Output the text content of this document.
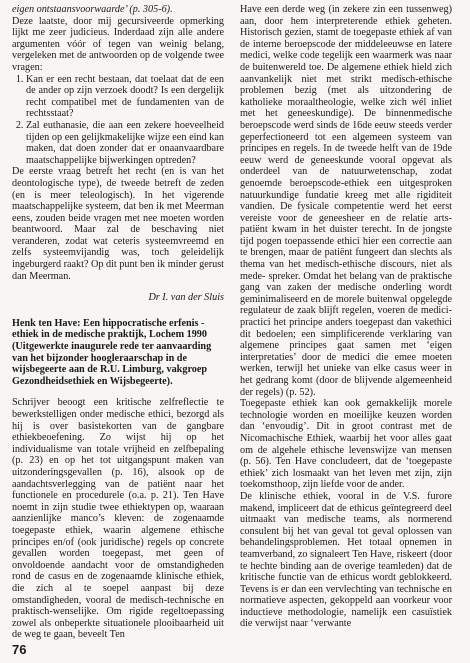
eigen ontstaansvoorwaarde’ (p. 305-6).

Deze laatste, door mij gecursiveerde opmerking lijkt me zeer judicieus. Inderdaad zijn alle andere argumenten vóór of tegen van weinig belang, vergeleken met de antwoorden op de volgende twee vragen:

1. Kan er een recht bestaan, dat toelaat dat de een de ander op zijn verzoek doodt? Is een dergelijk recht compatibel met de fundamenten van de rechtsstaat?
2. Zal euthanasie, die aan een zekere hoeveelheid tijden op een gelijkmakelijke wijze een eind kan maken, dat doen zonder dat er onaanvaardbare maatschappelijke bijwerkingen optreden?

De eerste vraag betreft het recht (en is van het deontologische type), de tweede betreft de zeden (en is meer teleologisch). In het vigerende maatschappelijke systeem, dat ben ik met Meerman eens, zouden beide vragen met nee moeten worden beantwoord. Maar zal de beschaving niet veranderen, zodat wat ceteris systeemvreemd en zelfs systeemvijandig was, toch geleidelijk ingeburgerd raakt? Op dit punt ben ik minder gerust dan Meerman.

Dr I. van der Sluis

Henk ten Have: Een hippocratische erfenis - ethiek in de medische praktijk, Lochem 1990 (Uitgewerkte inaugurele rede ter aanvaarding van het bijzonder hoogleraarschap in de wijsbegeerte aan de R.U. Limburg, vakgroep Gezondheidsethiek en Wijsbegeerte).

Schrijver beoogt een kritische zelfreflectie te bewerkstelligen onder medische ethici, bezorgd als hij is over basistekorten van de gangbare ethiekbeoefening. Zo wijst hij op het individualisme van totale vrijheid en zelfbepaling (p. 23) en op het tot uitgangspunt maken van uitzonderingsgevallen (p. 16), alsook op de aandachtsverlegging van de patiënt naar het functionele en procedurele (o.a. p. 21). Ten Have noemt in zijn studie twee ethiektypen op, waaraan aanzienlijke manco’s kleven: de zogenaamde toegepaste ethiek, waarin algemene ethische principes en/of (ook juridische) regels op concrete gevallen worden toegepast, met geen of onvoldoende aandacht voor de omstandigheden rond de casus en de zogenaamde klinische ethiek, die zich al te soepel aanpast bij deze omstandigheden, vooral de medisch-technische en praktisch-wenselijke. Om rigide regeltoepassing zowel als onbeperkte situationele plooibaarheid uit de weg te gaan, beveelt Ten

Have een derde weg (in zekere zin een tussenweg) aan, door hem interpreterende ethiek geheten. Historisch gezien, stamt de toegepaste ethiek af van de interne beroepscode der middeleeuwse en latere medici, welke code tegelijk een waarmerk was naar de buitenwereld toe. De algemene ethiek hield zich aanvankelijk niet met strikt medisch-ethische problemen bezig (met als uitzondering de katholieke moraaltheologie, welke zich wél inliet met het geneeskundige). De binnenmedische beroepscode werd sinds de 16de eeuw steeds verder geperfectioneerd tot een algemeen systeem van principes en regels. In de tweede helft van de 19de eeuw werd de geneeskunde vooral opgevat als onderdeel van de natuurwetenschap, zodat genoemde beroepscode-ethiek een uitgesproken natuurkundige fundatie kreeg met alle rigiditeit vandien. De fysicale competentie werd het eerst vereiste voor de geneesheer en de relatie arts-patiënt kwam in het duister terecht. In de jongste tijd pogen toepassende ethici hier een correctie aan te brengen, maar de patiënt fungeert dan slechts als thema van het medisch-ethische discours, niet als mede- spreker. Omdat het belang van de praktische gang van zaken der medische onderling wordt geminimaliseerd en de morele buitenwal opgelegde regulateur de zaak blijft regelen, voeren de medici-practici het principe anders toegepast dan vakethici dit bedoelen; een simplificerende verklaring van algemene principes gaat samen met ‘eigen interpretaties’ door de medici die emee moeten werken, terwijl het unieke van elke casus weer in het gedrang komt (door de blijvende algemeenheid der regels) (p. 52).

Toegepaste ethiek kan ook gemakkelijk morele technologie worden en moeilijke keuzen worden dan ‘envoudig’. Dit in groot contrast met de Nicomachische Ethiek, waarbij het voor alles gaat om de algehele ethische levenswijze van mensen (p. 56). Ten Have concludeert, dat de ‘toegepaste ethiek’ zich losmaakt van het leven met zijn, zijn toekomsthoop, zijn liefde voor de ander.

De klinische ethiek, vooral in de V.S. furore makend, impliceert dat de ethicus geïntegreerd deel uitmaakt van medische teams, als normerend consulent bij het van geval tot geval oplossen van behandelingsproblemen. Het totaal opnemen in teamverband, zo signaleert Ten Have, riskeert (door te hechte binding aan de overige teamleden) dat de kritische functie van de ethicus wordt geblokkeerd. Tevens is er dan een vervlechting van technische en normatieve aspecten, gekoppeld aan voorkeur voor inductieve methodologie, namelijk een casuïstiek die verwijst naar ‘verwante

76
